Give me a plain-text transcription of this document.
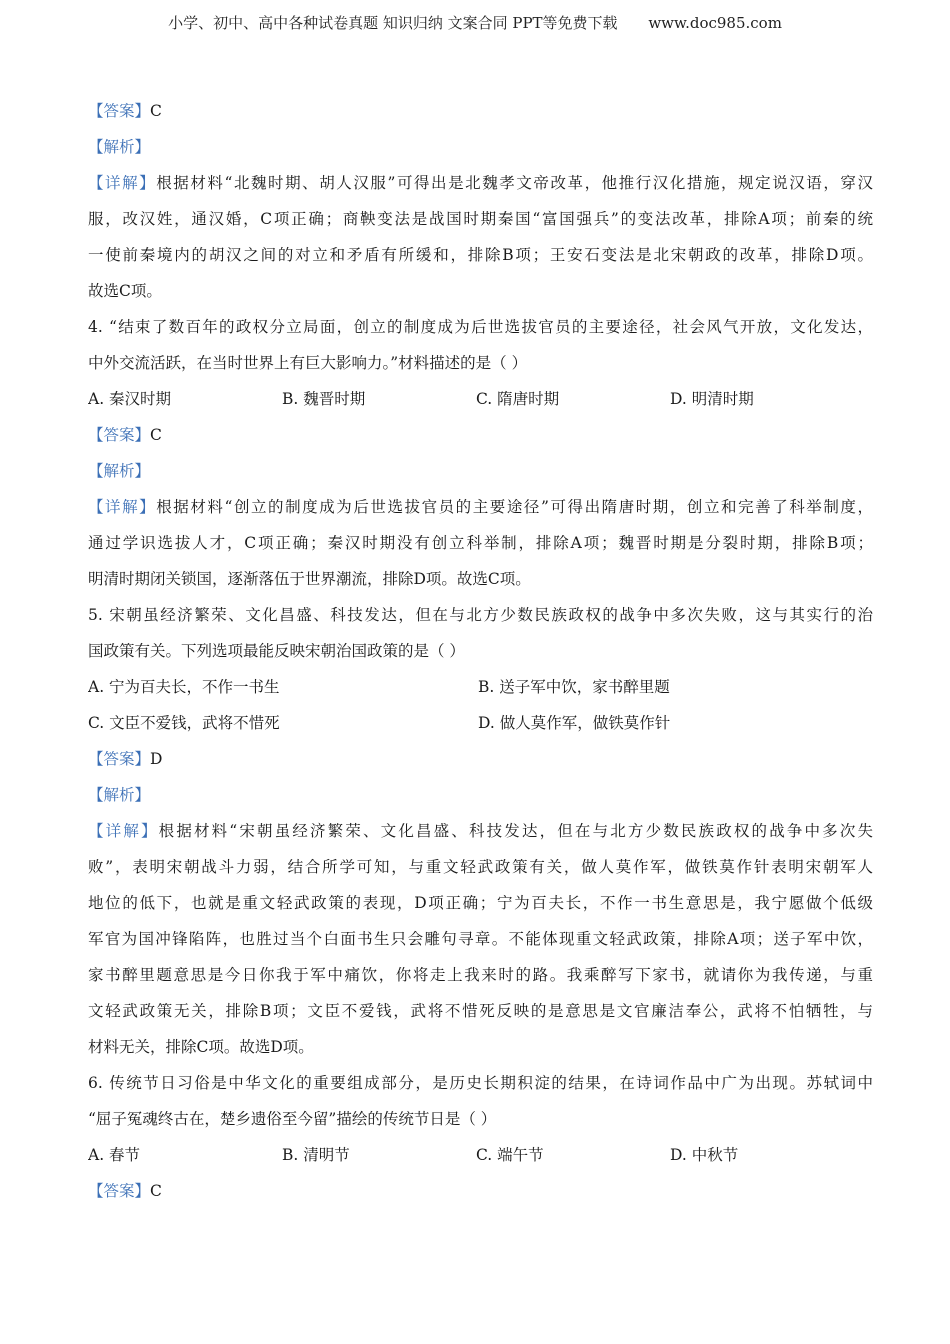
小学、初中、高中各种试卷真题 知识归纳 文案合同 PPT等免费下载 www.doc985.com
【答案】C
【解析】
【详解】根据材料“北魏时期、胡人汉服”可得出是北魏孝文帝改革，他推行汉化措施，规定说汉语，穿汉
服，改汉姓，通汉婚，C项正确；商鞅变法是战国时期秦国“富国强兵”的变法改革，排除A项；前秦的统
一使前秦境内的胡汉之间的对立和矛盾有所缓和，排除B项；王安石变法是北宋朝政的改革，排除D项。
故选C项。
4. “结束了数百年的政权分立局面，创立的制度成为后世选拔官员的主要途径，社会风气开放，文化发达，
中外交流活跃，在当时世界上有巨大影响力。”材料描述的是（ ）
A. 秦汉时期	B. 魏晋时期	C. 隋唐时期	D. 明清时期
【答案】C
【解析】
【详解】根据材料“创立的制度成为后世选拔官员的主要途径”可得出隋唐时期，创立和完善了科举制度，
通过学识选拔人才，C项正确；秦汉时期没有创立科举制，排除A项；魏晋时期是分裂时期，排除B项；
明清时期闭关锁国，逐渐落伍于世界潮流，排除D项。故选C项。
5. 宋朝虽经济繁荣、文化昌盛、科技发达，但在与北方少数民族政权的战争中多次失败，这与其实行的治
国政策有关。下列选项最能反映宋朝治国政策的是（ ）
A. 宁为百夫长，不作一书生	B. 送子军中饮，家书醉里题
C. 文臣不爱钱，武将不惜死	D. 做人莫作军，做铁莫作针
【答案】D
【解析】
【详解】根据材料“宋朝虽经济繁荣、文化昌盛、科技发达，但在与北方少数民族政权的战争中多次失
败”，表明宋朝战斗力弱，结合所学可知，与重文轻武政策有关，做人莫作军，做铁莫作针表明宋朝军人
地位的低下，也就是重文轻武政策的表现，D项正确；宁为百夫长，不作一书生意思是，我宁愿做个低级
军官为国冲锋陷阵，也胜过当个白面书生只会雕句寻章。不能体现重文轻武政策，排除A项；送子军中饮，
家书醉里题意思是今日你我于军中痛饮，你将走上我来时的路。我乘醉写下家书，就请你为我传递，与重
文轻武政策无关，排除B项；文臣不爱钱，武将不惜死反映的是意思是文官廉洁奉公，武将不怕牺牲，与
材料无关，排除C项。故选D项。
6. 传统节日习俗是中华文化的重要组成部分，是历史长期积淀的结果，在诗词作品中广为出现。苏轼词中
“屈子冤魂终古在，楚乡遗俗至今留”描绘的传统节日是（ ）
A. 春节	B. 清明节	C. 端午节	D. 中秋节
【答案】C
